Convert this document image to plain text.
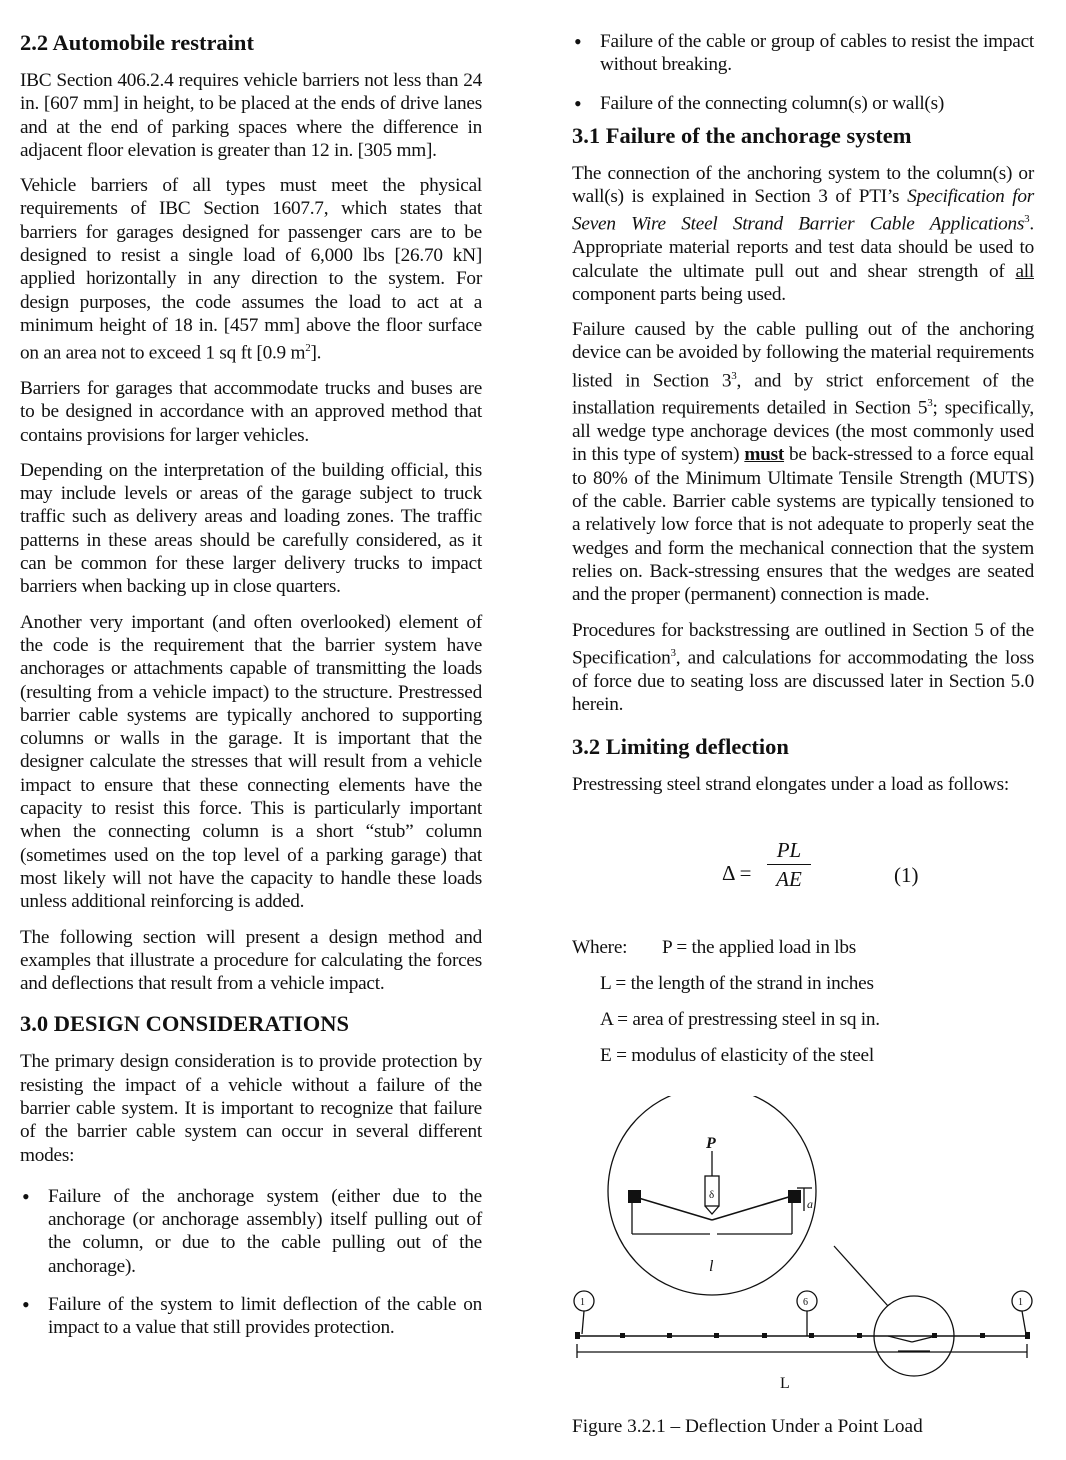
2.2 Automobile restraint

IBC Section 406.2.4 requires vehicle barriers not less than 24 in. [607 mm] in height, to be placed at the ends of drive lanes and at the end of parking spaces where the difference in adjacent floor elevation is greater than 12 in. [305 mm].

Vehicle barriers of all types must meet the physical requirements of IBC Section 1607.7, which states that barriers for garages designed for passenger cars are to be designed to resist a single load of 6,000 lbs [26.70 kN] applied horizontally in any direction to the system. For design purposes, the code assumes the load to act at a minimum height of 18 in. [457 mm] above the floor surface on an area not to exceed 1 sq ft [0.9 $m^2$].

Barriers for garages that accommodate trucks and buses are to be designed in accordance with an approved method that contains provisions for larger vehicles.

Depending on the interpretation of the building official, this may include levels or areas of the garage subject to truck traffic such as delivery areas and loading zones. The traffic patterns in these areas should be carefully considered, as it can be common for these larger delivery trucks to impact barriers when backing up in close quarters.

Another very important (and often overlooked) element of the code is the requirement that the barrier system have anchorages or attachments capable of transmitting the loads (resulting from a vehicle impact) to the structure. Prestressed barrier cable systems are typically anchored to supporting columns or walls in the garage. It is important that the designer calculate the stresses that will result from a vehicle impact to ensure that these connecting elements have the capacity to resist this force. This is particularly important when the connecting column is a short “stub” column (sometimes used on the top level of a parking garage) that most likely will not have the capacity to handle these loads unless additional reinforcing is added.

The following section will present a design method and examples that illustrate a procedure for calculating the forces and deflections that result from a vehicle impact.

3.0 DESIGN CONSIDERATIONS

The primary design consideration is to provide protection by resisting the impact of a vehicle without a failure of the barrier cable system. It is important to recognize that failure of the barrier cable system can occur in several different modes:

• Failure of the anchorage system (either due to the anchorage (or anchorage assembly) itself pulling out of the column, or due to the cable pulling out of the anchorage).
• Failure of the system to limit deflection of the cable on impact to a value that still provides protection.
• Failure of the cable or group of cables to resist the impact without breaking.
• Failure of the connecting column(s) or wall(s)
3.1 Failure of the anchorage system

The connection of the anchoring system to the column(s) or wall(s) is explained in Section 3 of PTI’s Specification for Seven Wire Steel Strand Barrier Cable Applications$^3$. Appropriate material reports and test data should be used to calculate the ultimate pull out and shear strength of all component parts being used.

Failure caused by the cable pulling out of the anchoring device can be avoided by following the material requirements listed in Section $3^3$, and by strict enforcement of the installation requirements detailed in Section $5^3$; specifically, all wedge type anchorage devices (the most commonly used in this type of system) must be back-stressed to a force equal to 80% of the Minimum Ultimate Tensile Strength (MUTS) of the cable. Barrier cable systems are typically tensioned to a relatively low force that is not adequate to properly seat the wedges and form the mechanical connection that the system relies on. Back-stressing ensures that the wedges are seated and the proper (permanent) connection is made.

Procedures for backstressing are outlined in Section 5 of the Specification$^3$, and calculations for accommodating the loss of force due to seating loss are discussed later in Section 5.0 herein.

3.2 Limiting deflection

Prestressing steel strand elongates under a load as follows:

$\Delta = \frac{PL}{AE}$	(1)
Where: P = the applied load in lbs
L = the length of the strand in inches
A = area of prestressing steel in sq in.
E = modulus of elasticity of the steel
P
l
L
a
δ
1	6	1
Figure 3.2.1 – Deflection Under a Point Load
